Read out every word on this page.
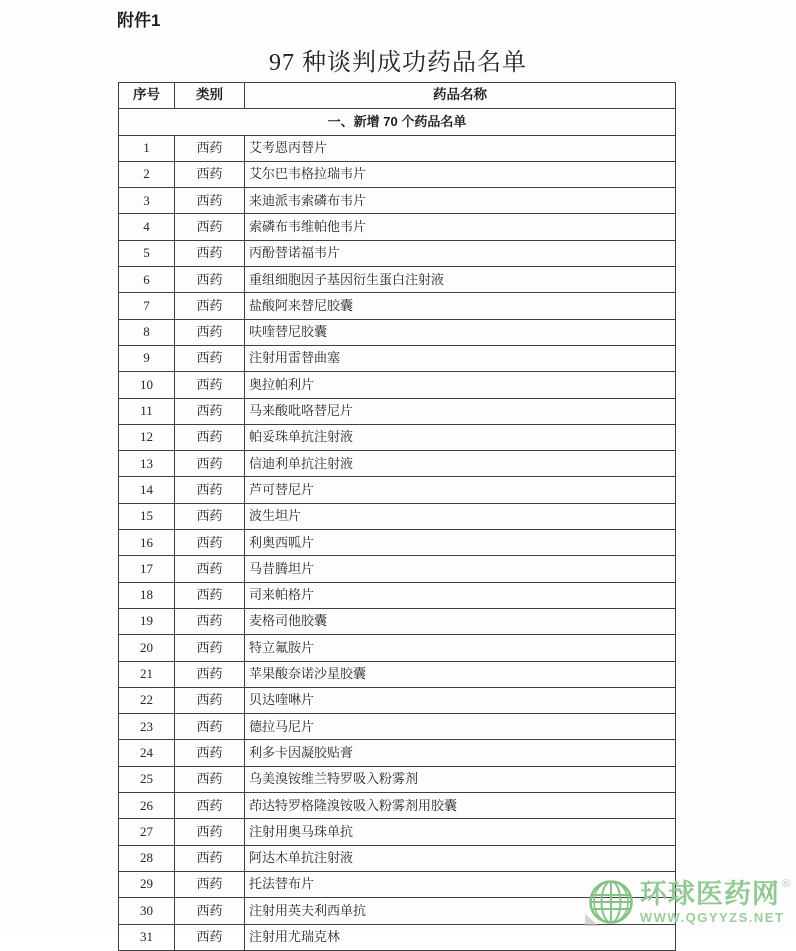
附件1
97 种谈判成功药品名单
序号	类别	药品名称
一、新增 70 个药品名单		
1	西药	艾考恩丙替片
2	西药	艾尔巴韦格拉瑞韦片
3	西药	来迪派韦索磷布韦片
4	西药	索磷布韦维帕他韦片
5	西药	丙酚替诺福韦片
6	西药	重组细胞因子基因衍生蛋白注射液
7	西药	盐酸阿来替尼胶囊
8	西药	呋喹替尼胶囊
9	西药	注射用雷替曲塞
10	西药	奥拉帕利片
11	西药	马来酸吡咯替尼片
12	西药	帕妥珠单抗注射液
13	西药	信迪利单抗注射液
14	西药	芦可替尼片
15	西药	波生坦片
16	西药	利奥西呱片
17	西药	马昔腾坦片
18	西药	司来帕格片
19	西药	麦格司他胶囊
20	西药	特立氟胺片
21	西药	苹果酸奈诺沙星胶囊
22	西药	贝达喹啉片
23	西药	德拉马尼片
24	西药	利多卡因凝胶贴膏
25	西药	乌美溴铵维兰特罗吸入粉雾剂
26	西药	茚达特罗格隆溴铵吸入粉雾剂用胶囊
27	西药	注射用奥马珠单抗
28	西药	阿达木单抗注射液
29	西药	托法替布片
30	西药	注射用英夫利西单抗
31	西药	注射用尤瑞克林
环球医药网 ®
WWW.QGYYZS.NET
